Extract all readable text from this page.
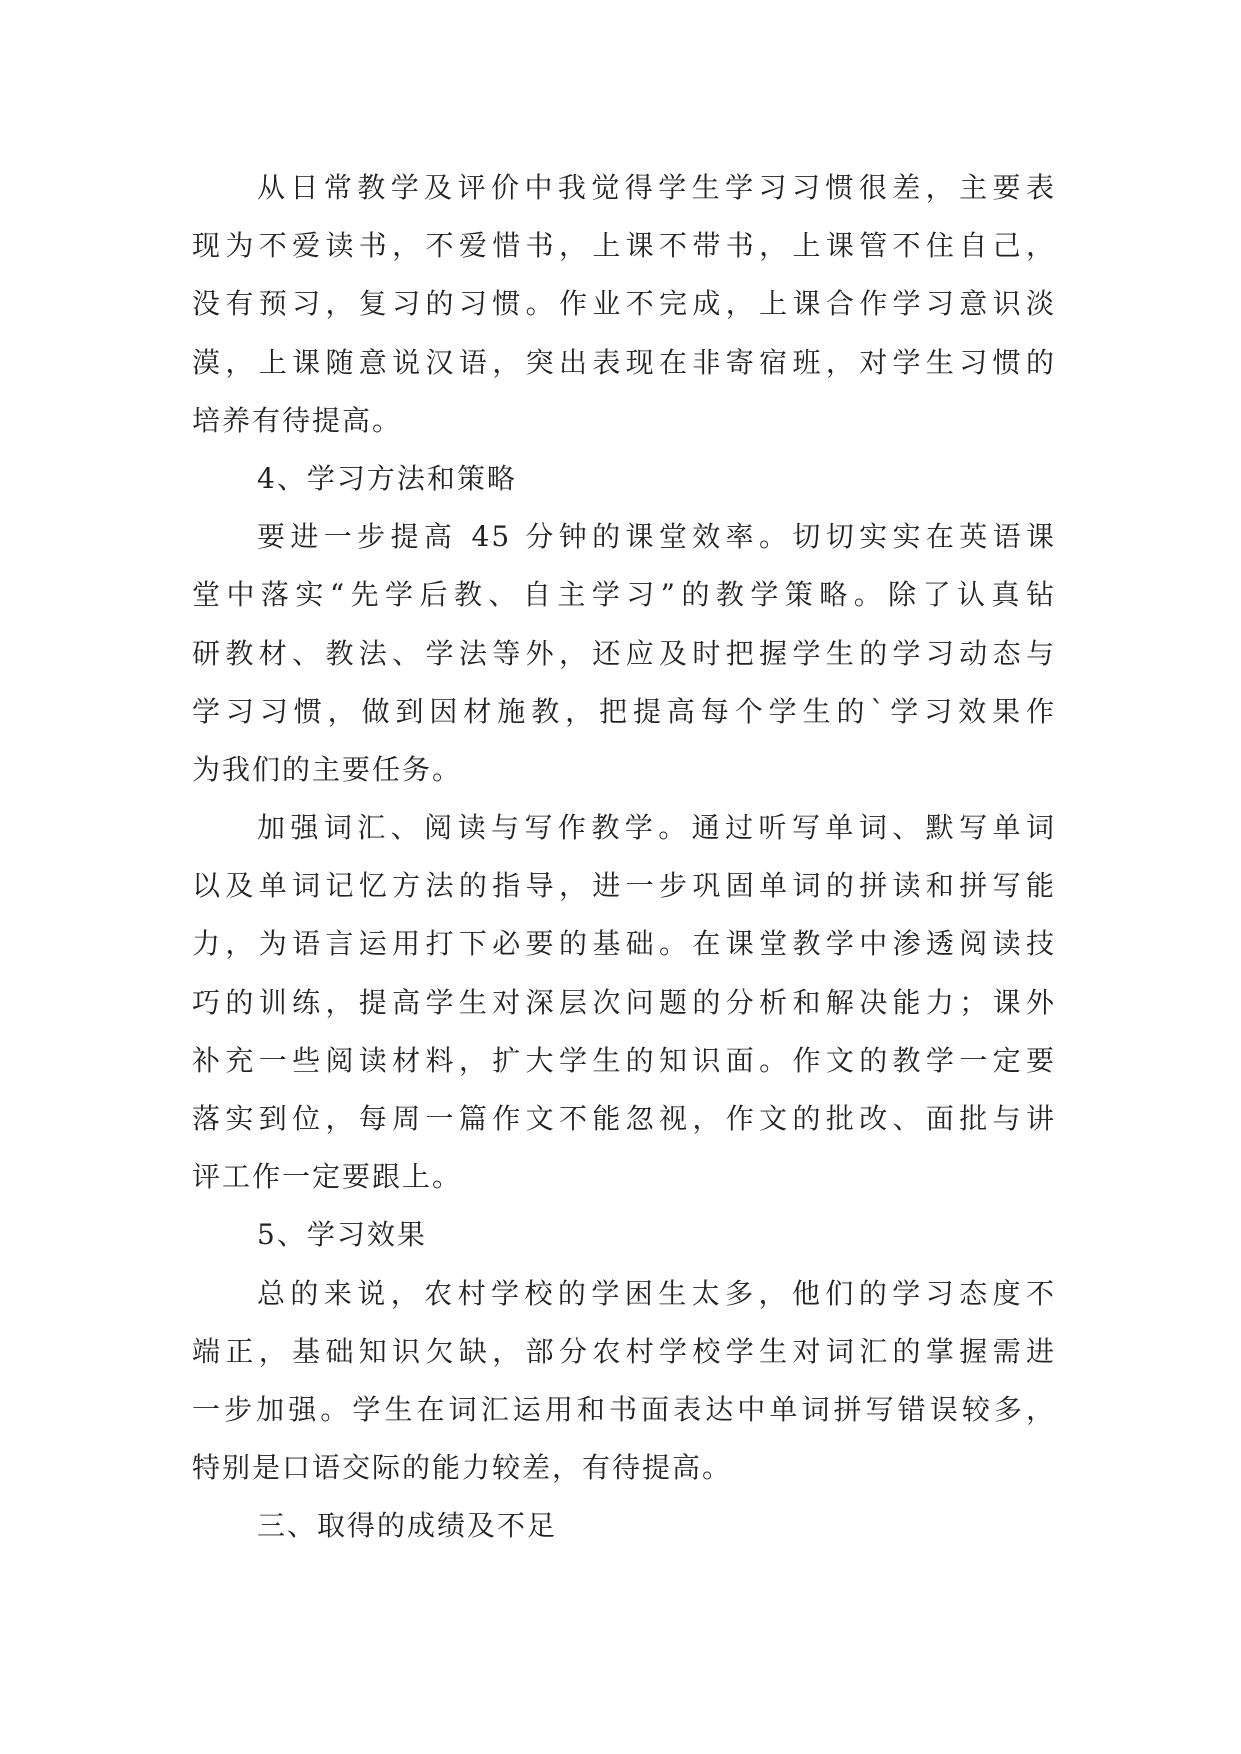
从日常教学及评价中我觉得学生学习习惯很差，主要表
现为不爱读书，不爱惜书，上课不带书，上课管不住自己，
没有预习，复习的习惯。作业不完成，上课合作学习意识淡
漠，上课随意说汉语，突出表现在非寄宿班，对学生习惯的
培养有待提高。
4、学习方法和策略
要进一步提高 45 分钟的课堂效率。切切实实在英语课
堂中落实“先学后教、自主学习”的教学策略。除了认真钻
研教材、教法、学法等外，还应及时把握学生的学习动态与
学习习惯，做到因材施教，把提高每个学生的`学习效果作
为我们的主要任务。
加强词汇、阅读与写作教学。通过听写单词、默写单词
以及单词记忆方法的指导，进一步巩固单词的拼读和拼写能
力，为语言运用打下必要的基础。在课堂教学中渗透阅读技
巧的训练，提高学生对深层次问题的分析和解决能力；课外
补充一些阅读材料，扩大学生的知识面。作文的教学一定要
落实到位，每周一篇作文不能忽视，作文的批改、面批与讲
评工作一定要跟上。
5、学习效果
总的来说，农村学校的学困生太多，他们的学习态度不
端正，基础知识欠缺，部分农村学校学生对词汇的掌握需进
一步加强。学生在词汇运用和书面表达中单词拼写错误较多，
特别是口语交际的能力较差，有待提高。
三、取得的成绩及不足
